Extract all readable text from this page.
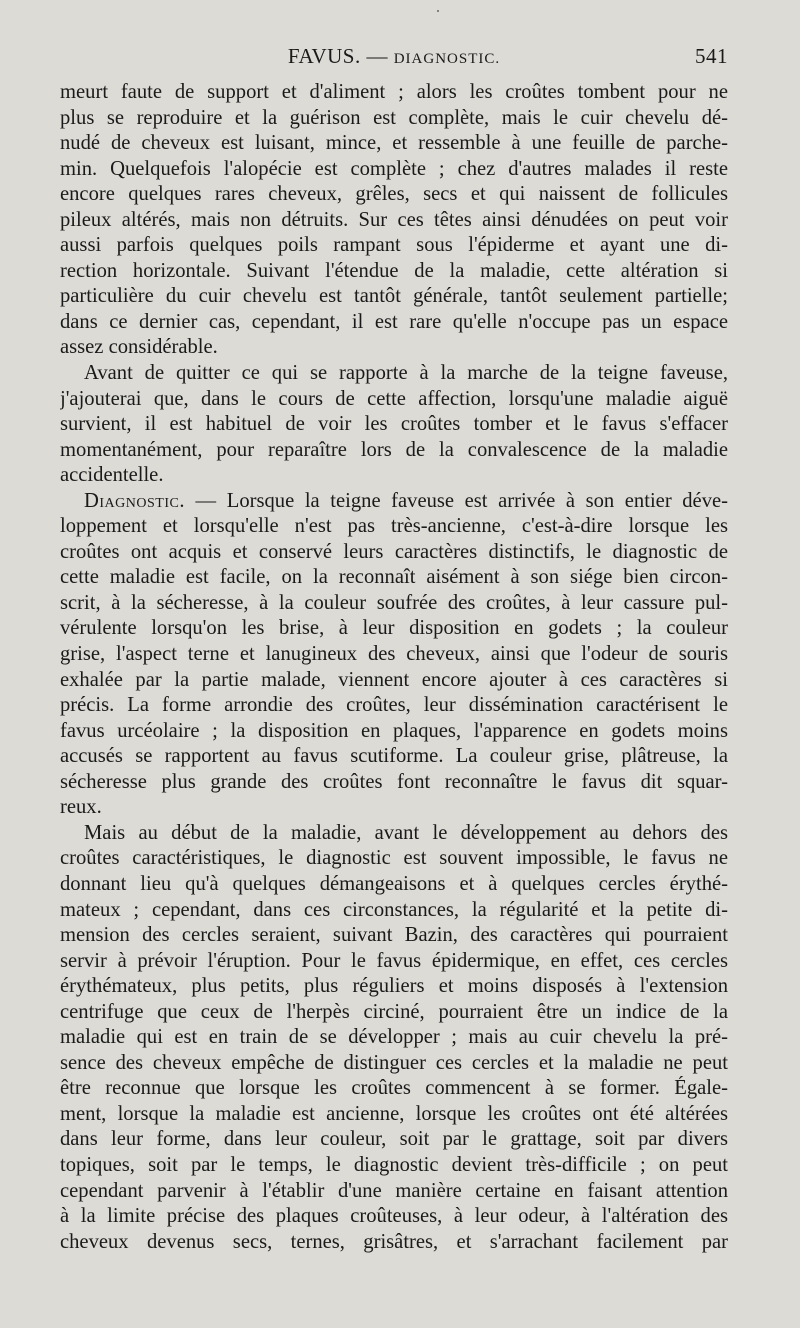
FAVUS. — DIAGNOSTIC.	541
meurt faute de support et d'aliment ; alors les croûtes tombent pour ne
plus se reproduire et la guérison est complète, mais le cuir chevelu dé-
nudé de cheveux est luisant, mince, et ressemble à une feuille de parche-
min. Quelquefois l'alopécie est complète ; chez d'autres malades il reste
encore quelques rares cheveux, grêles, secs et qui naissent de follicules
pileux altérés, mais non détruits. Sur ces têtes ainsi dénudées on peut voir
aussi parfois quelques poils rampant sous l'épiderme et ayant une di-
rection horizontale. Suivant l'étendue de la maladie, cette altération si
particulière du cuir chevelu est tantôt générale, tantôt seulement partielle;
dans ce dernier cas, cependant, il est rare qu'elle n'occupe pas un espace
assez considérable.
Avant de quitter ce qui se rapporte à la marche de la teigne faveuse,
j'ajouterai que, dans le cours de cette affection, lorsqu'une maladie aiguë
survient, il est habituel de voir les croûtes tomber et le favus s'effacer
momentanément, pour reparaître lors de la convalescence de la maladie
accidentelle.
Diagnostic. — Lorsque la teigne faveuse est arrivée à son entier déve-
loppement et lorsqu'elle n'est pas très-ancienne, c'est-à-dire lorsque les
croûtes ont acquis et conservé leurs caractères distinctifs, le diagnostic de
cette maladie est facile, on la reconnaît aisément à son siége bien circon-
scrit, à la sécheresse, à la couleur soufrée des croûtes, à leur cassure pul-
vérulente lorsqu'on les brise, à leur disposition en godets ; la couleur
grise, l'aspect terne et lanugineux des cheveux, ainsi que l'odeur de souris
exhalée par la partie malade, viennent encore ajouter à ces caractères si
précis. La forme arrondie des croûtes, leur dissémination caractérisent le
favus urcéolaire ; la disposition en plaques, l'apparence en godets moins
accusés se rapportent au favus scutiforme. La couleur grise, plâtreuse, la
sécheresse plus grande des croûtes font reconnaître le favus dit squar-
reux.
Mais au début de la maladie, avant le développement au dehors des
croûtes caractéristiques, le diagnostic est souvent impossible, le favus ne
donnant lieu qu'à quelques démangeaisons et à quelques cercles érythé-
mateux ; cependant, dans ces circonstances, la régularité et la petite di-
mension des cercles seraient, suivant Bazin, des caractères qui pourraient
servir à prévoir l'éruption. Pour le favus épidermique, en effet, ces cercles
érythémateux, plus petits, plus réguliers et moins disposés à l'extension
centrifuge que ceux de l'herpès circiné, pourraient être un indice de la
maladie qui est en train de se développer ; mais au cuir chevelu la pré-
sence des cheveux empêche de distinguer ces cercles et la maladie ne peut
être reconnue que lorsque les croûtes commencent à se former. Égale-
ment, lorsque la maladie est ancienne, lorsque les croûtes ont été altérées
dans leur forme, dans leur couleur, soit par le grattage, soit par divers
topiques, soit par le temps, le diagnostic devient très-difficile ; on peut
cependant parvenir à l'établir d'une manière certaine en faisant attention
à la limite précise des plaques croûteuses, à leur odeur, à l'altération des
cheveux devenus secs, ternes, grisâtres, et s'arrachant facilement par
